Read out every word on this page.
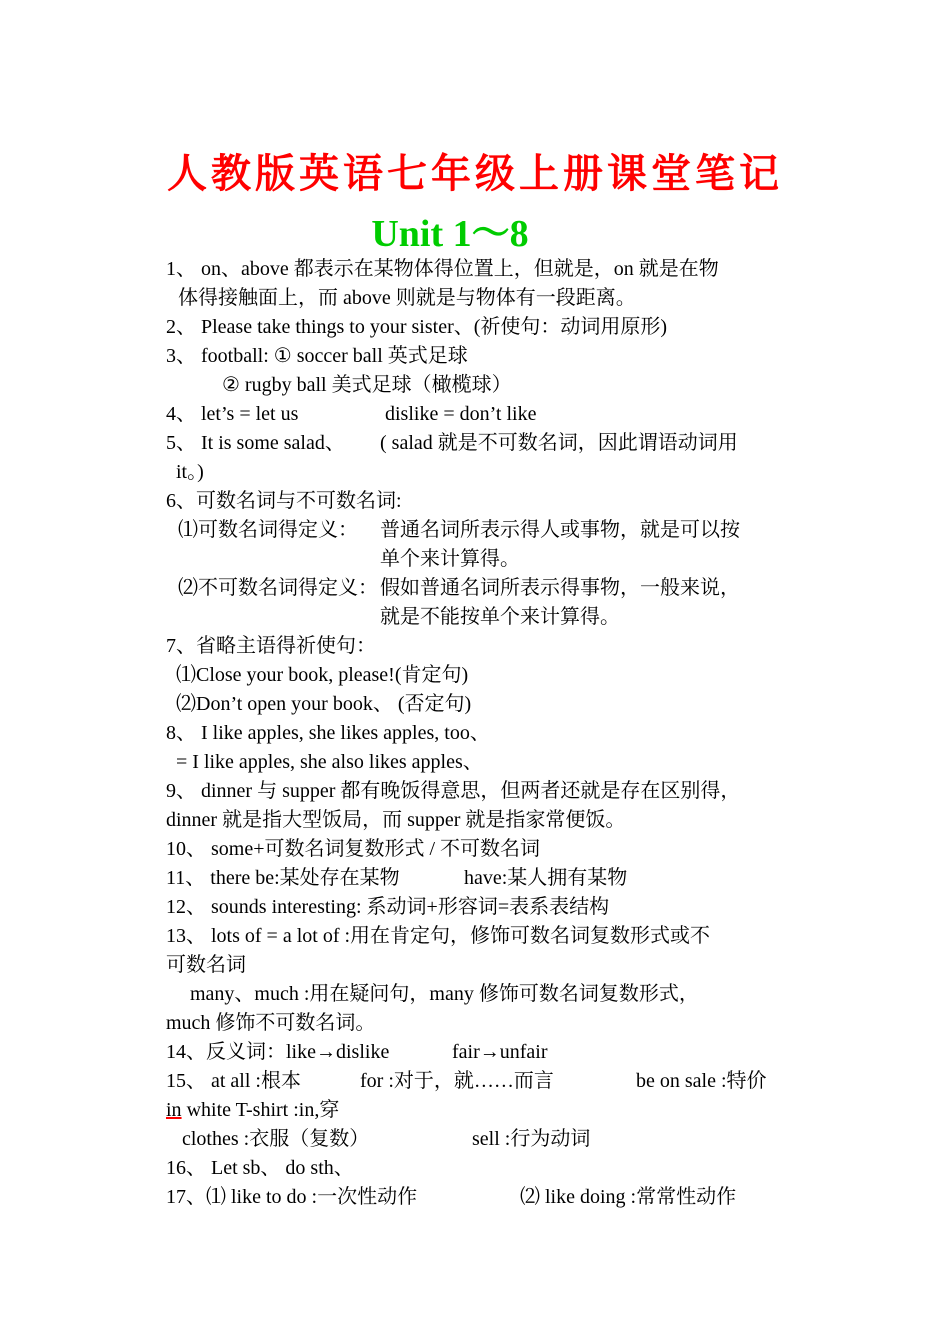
人教版英语七年级上册课堂笔记
Unit 1～8
1、 on、above 都表示在某物体得位置上，但就是，on 就是在物
体得接触面上，而 above 则就是与物体有一段距离。
2、 Please take things to your sister、(祈使句：动词用原形)
3、 football: ① soccer ball 英式足球
② rugby ball 美式足球（橄榄球）
4、 let’s = let us	dislike = don’t like
5、 It is some salad、 ( salad 就是不可数名词，因此谓语动词用
it。)
6、可数名词与不可数名词:
⑴可数名词得定义： 普通名词所表示得人或事物，就是可以按
单个来计算得。
⑵不可数名词得定义： 假如普通名词所表示得事物，一般来说，
就是不能按单个来计算得。
7、省略主语得祈使句：
⑴Close your book, please!(肯定句)
⑵Don’t open your book、 (否定句)
8、 I like apples, she likes apples, too、
= I like apples, she also likes apples、
9、 dinner 与 supper 都有晚饭得意思，但两者还就是存在区别得，
dinner 就是指大型饭局，而 supper 就是指家常便饭。
10、 some+可数名词复数形式 / 不可数名词
11、 there be:某处存在某物	have:某人拥有某物
12、 sounds interesting: 系动词+形容词=表系表结构
13、 lots of = a lot of :用在肯定句，修饰可数名词复数形式或不
可数名词
many、much :用在疑问句，many 修饰可数名词复数形式，
much 修饰不可数名词。
14、反义词：like→dislike	fair→unfair
15、 at all :根本	for :对于，就……而言	be on sale :特价
in white T-shirt :in,穿
clothes :衣服（复数）	sell :行为动词
16、 Let sb、 do sth、
17、⑴ like to do :一次性动作	⑵ like doing :常常性动作
